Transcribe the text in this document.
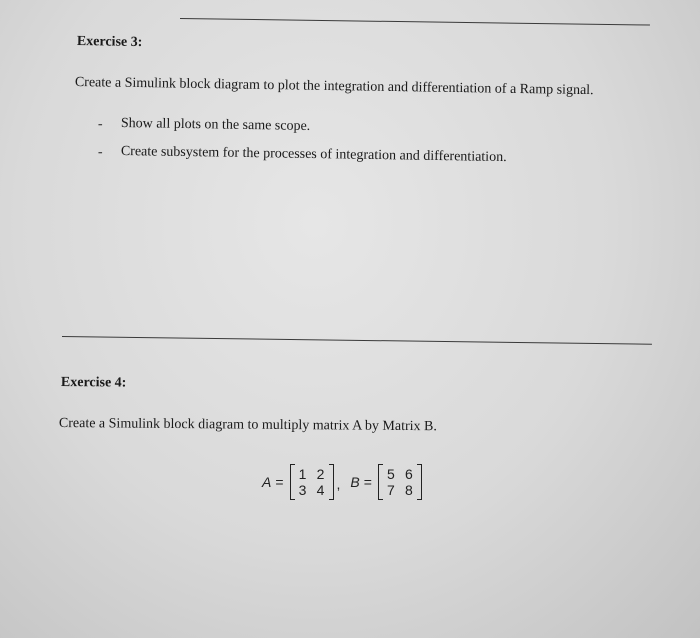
Exercise 3:
Create a Simulink block diagram to plot the integration and differentiation of a Ramp signal.
- Show all plots on the same scope.
- Create subsystem for the processes of integration and differentiation.
Exercise 4:
Create a Simulink block diagram to multiply matrix A by Matrix B.
A =	1 2
3 4 , B =	5 6
7 8
